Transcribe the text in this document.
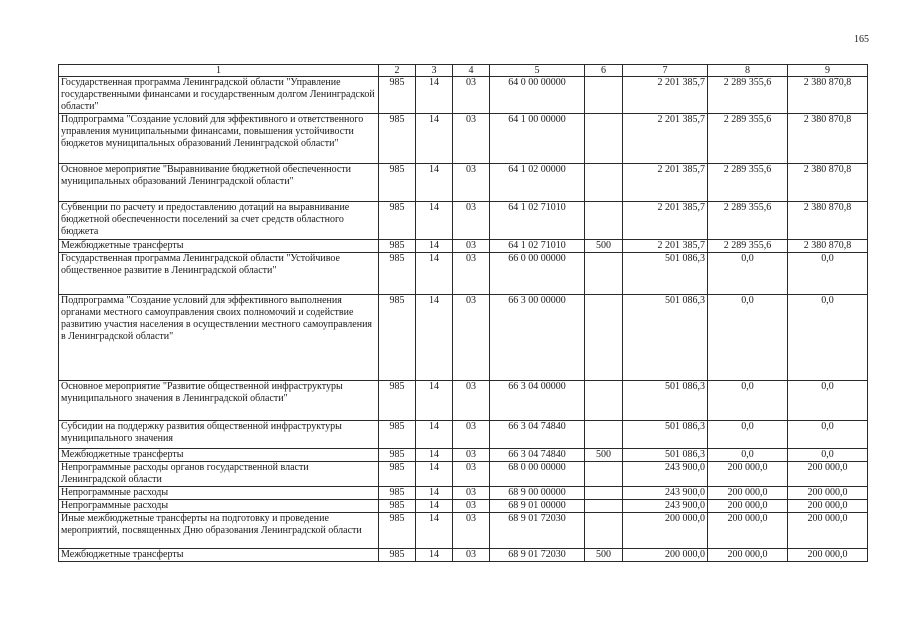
165
1	2	3	4	5	6	7	8	9
Государственная программа Ленинградской области "Управление государственными финансами и государственным долгом Ленинградской области"	985	14	03	64 0 00 00000		2 201 385,7	2 289 355,6	2 380 870,8
Подпрограмма "Создание условий для эффективного и ответственного управления муниципальными финансами, повышения устойчивости бюджетов муниципальных образований Ленинградской области"	985	14	03	64 1 00 00000		2 201 385,7	2 289 355,6	2 380 870,8
Основное мероприятие "Выравнивание бюджетной обеспеченности муниципальных образований Ленинградской области"	985	14	03	64 1 02 00000		2 201 385,7	2 289 355,6	2 380 870,8
Субвенции по расчету и предоставлению дотаций на выравнивание бюджетной обеспеченности поселений за счет средств областного бюджета	985	14	03	64 1 02 71010		2 201 385,7	2 289 355,6	2 380 870,8
Межбюджетные трансферты	985	14	03	64 1 02 71010	500	2 201 385,7	2 289 355,6	2 380 870,8
Государственная программа Ленинградской области "Устойчивое общественное развитие в Ленинградской области"	985	14	03	66 0 00 00000		501 086,3	0,0	0,0
Подпрограмма "Создание условий для эффективного выполнения органами местного самоуправления своих полномочий и содействие развитию участия населения в осуществлении местного самоуправления в Ленинградской области"	985	14	03	66 3 00 00000		501 086,3	0,0	0,0
Основное мероприятие "Развитие общественной инфраструктуры муниципального значения в Ленинградской области"	985	14	03	66 3 04 00000		501 086,3	0,0	0,0
Субсидии на поддержку развития общественной инфраструктуры муниципального значения	985	14	03	66 3 04 74840		501 086,3	0,0	0,0
Межбюджетные трансферты	985	14	03	66 3 04 74840	500	501 086,3	0,0	0,0
Непрограммные расходы органов государственной власти Ленинградской области	985	14	03	68 0 00 00000		243 900,0	200 000,0	200 000,0
Непрограммные расходы	985	14	03	68 9 00 00000		243 900,0	200 000,0	200 000,0
Непрограммные расходы	985	14	03	68 9 01 00000		243 900,0	200 000,0	200 000,0
Иные межбюджетные трансферты на подготовку и проведение мероприятий, посвященных Дню образования Ленинградской области	985	14	03	68 9 01 72030		200 000,0	200 000,0	200 000,0
Межбюджетные трансферты	985	14	03	68 9 01 72030	500	200 000,0	200 000,0	200 000,0
